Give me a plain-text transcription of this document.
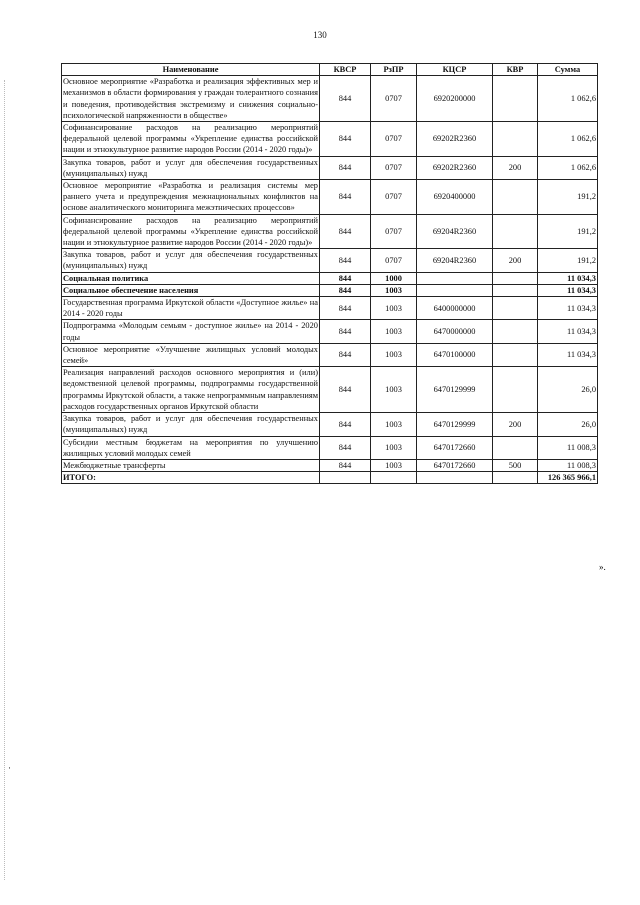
130
·
Наименование	КВСР	РзПР	КЦСР	КВР	Сумма
Основное мероприятие «Разработка и реализация эффективных мер и механизмов в области формирования у граждан толерантного сознания и поведения, противодействия экстремизму и снижения социально-психологической напряженности в обществе»	844	0707	6920200000		1 062,6
Софинансирование расходов на реализацию мероприятий федеральной целевой программы «Укрепление единства российской нации и этнокультурное развитие народов России (2014 - 2020 годы)»	844	0707	69202R2360		1 062,6
Закупка товаров, работ и услуг для обеспечения государственных (муниципальных) нужд	844	0707	69202R2360	200	1 062,6
Основное мероприятие «Разработка и реализация системы мер раннего учета и предупреждения межнациональных конфликтов на основе аналитического мониторинга межэтнических процессов»	844	0707	6920400000		191,2
Софинансирование расходов на реализацию мероприятий федеральной целевой программы «Укрепление единства российской нации и этнокультурное развитие народов России (2014 - 2020 годы)»	844	0707	69204R2360		191,2
Закупка товаров, работ и услуг для обеспечения государственных (муниципальных) нужд	844	0707	69204R2360	200	191,2
Социальная политика	844	1000			11 034,3
Социальное обеспечение населения	844	1003			11 034,3
Государственная программа Иркутской области «Доступное жилье» на 2014 - 2020 годы	844	1003	6400000000		11 034,3
Подпрограмма «Молодым семьям - доступное жилье» на 2014 - 2020 годы	844	1003	6470000000		11 034,3
Основное мероприятие «Улучшение жилищных условий молодых семей»	844	1003	6470100000		11 034,3
Реализация направлений расходов основного мероприятия и (или) ведомственной целевой программы, подпрограммы государственной программы Иркутской области, а также непрограммным направлениям расходов государственных органов Иркутской области	844	1003	6470129999		26,0
Закупка товаров, работ и услуг для обеспечения государственных (муниципальных) нужд	844	1003	6470129999	200	26,0
Субсидии местным бюджетам на мероприятия по улучшению жилищных условий молодых семей	844	1003	6470172660		11 008,3
Межбюджетные трансферты	844	1003	6470172660	500	11 008,3
ИТОГО:					126 365 966,1
».
